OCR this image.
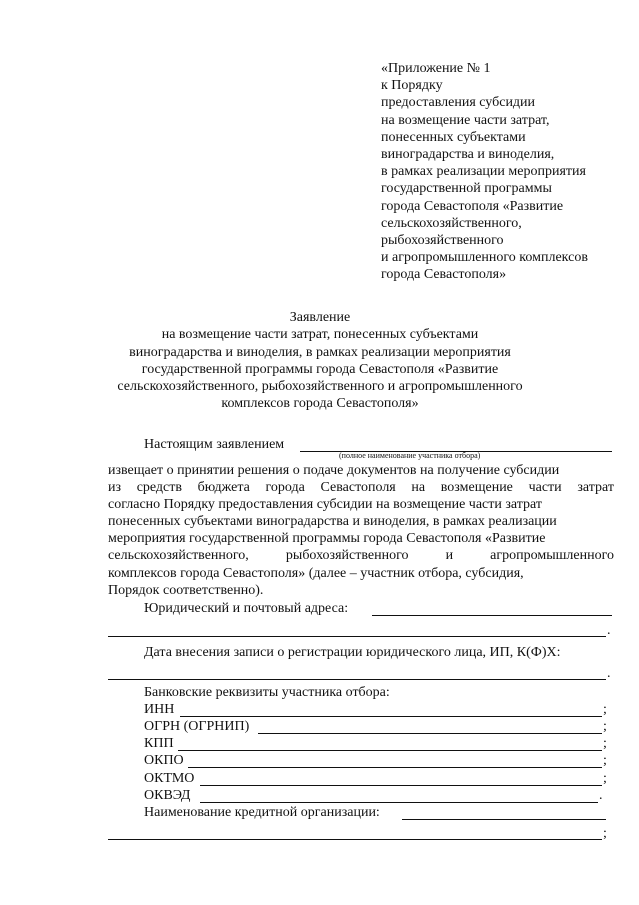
«Приложение № 1
к Порядку
предоставления субсидии
на возмещение части затрат,
понесенных субъектами
виноградарства и виноделия,
в рамках реализации мероприятия
государственной программы
города Севастополя «Развитие
сельскохозяйственного,
рыбохозяйственного
и агропромышленного комплексов
города Севастополя»
Заявление
на возмещение части затрат, понесенных субъектами
виноградарства и виноделия, в рамках реализации мероприятия
государственной программы города Севастополя «Развитие
сельскохозяйственного, рыбохозяйственного и агропромышленного
комплексов города Севастополя»
Настоящим заявлением
(полное наименование участника отбора)
извещает о принятии решения о подаче документов на получение субсидии
из средств бюджета города Севастополя на возмещение части затрат
согласно Порядку предоставления субсидии на возмещение части затрат
понесенных субъектами виноградарства и виноделия, в рамках реализации
мероприятия государственной программы города Севастополя «Развитие
сельскохозяйственного,	рыбохозяйственного	и	агропромышленного
комплексов города Севастополя» (далее – участник отбора, субсидия,
Порядок соответственно).
Юридический и почтовый адреса:
.
Дата внесения записи о регистрации юридического лица, ИП, К(Ф)Х:
.
Банковские реквизиты участника отбора:
ИНН	;
ОГРН (ОГРНИП)	;
КПП	;
ОКПО	;
ОКТМО	;
ОКВЭД	.
Наименование кредитной организации:
;
